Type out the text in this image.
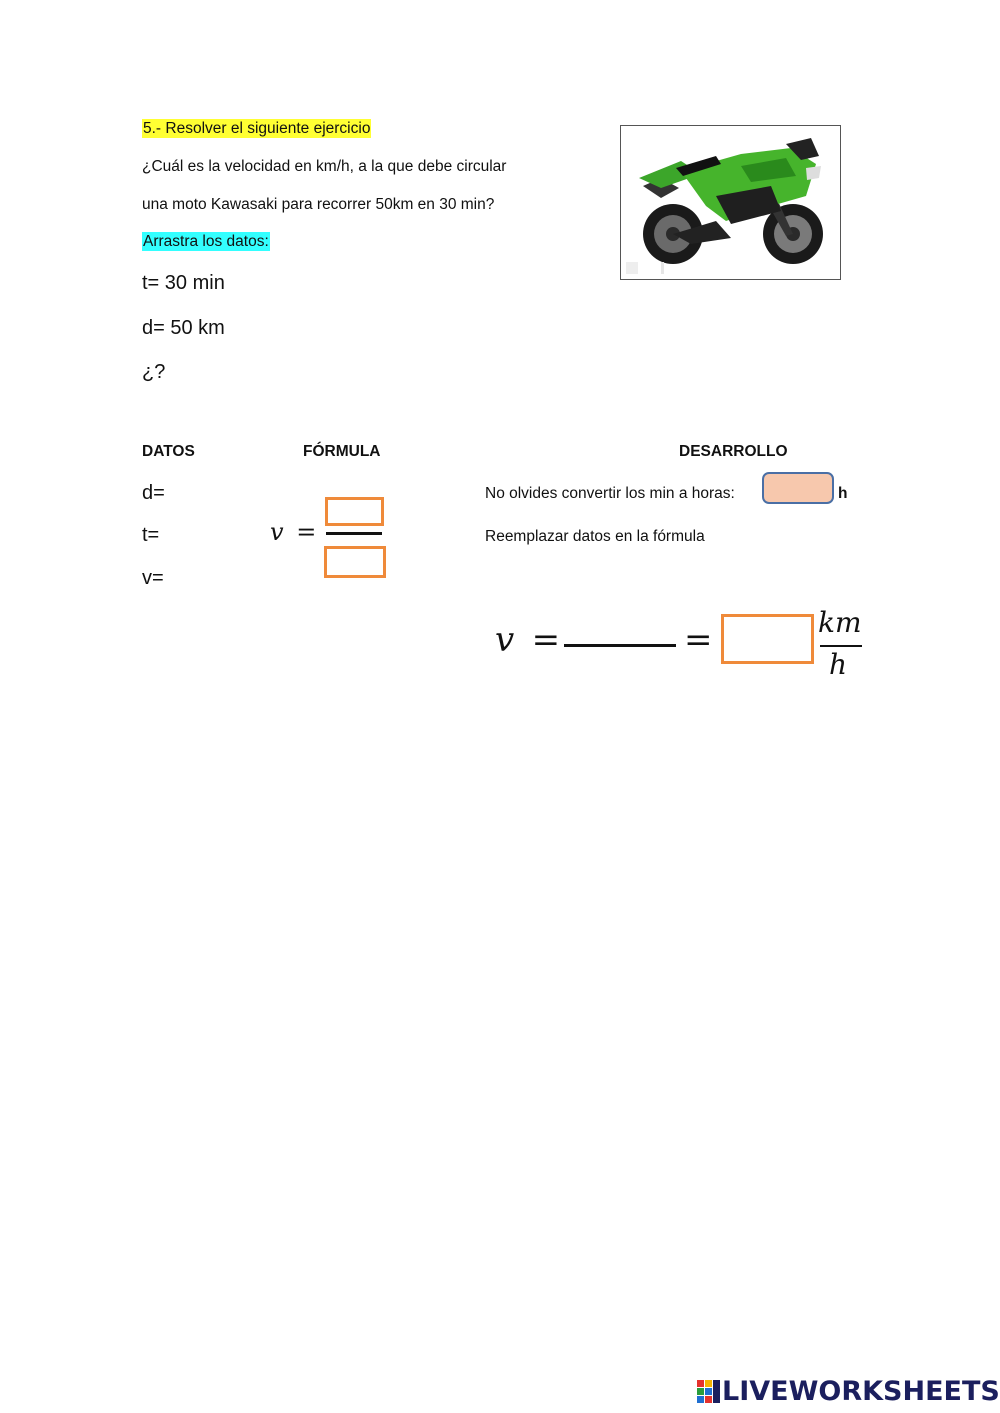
5.- Resolver el siguiente ejercicio
¿Cuál es la velocidad en km/h, a la que debe circular
una moto Kawasaki para recorrer 50km en 30 min?
Arrastra los datos:
t= 30 min
d= 50 km
¿?
DATOS	FÓRMULA	DESARROLLO
d=
t=
v=
v =
No olvides convertir los min a horas:	h
Reemplazar datos en la fórmula
v =	=	km
h
LIVEWORKSHEETS
